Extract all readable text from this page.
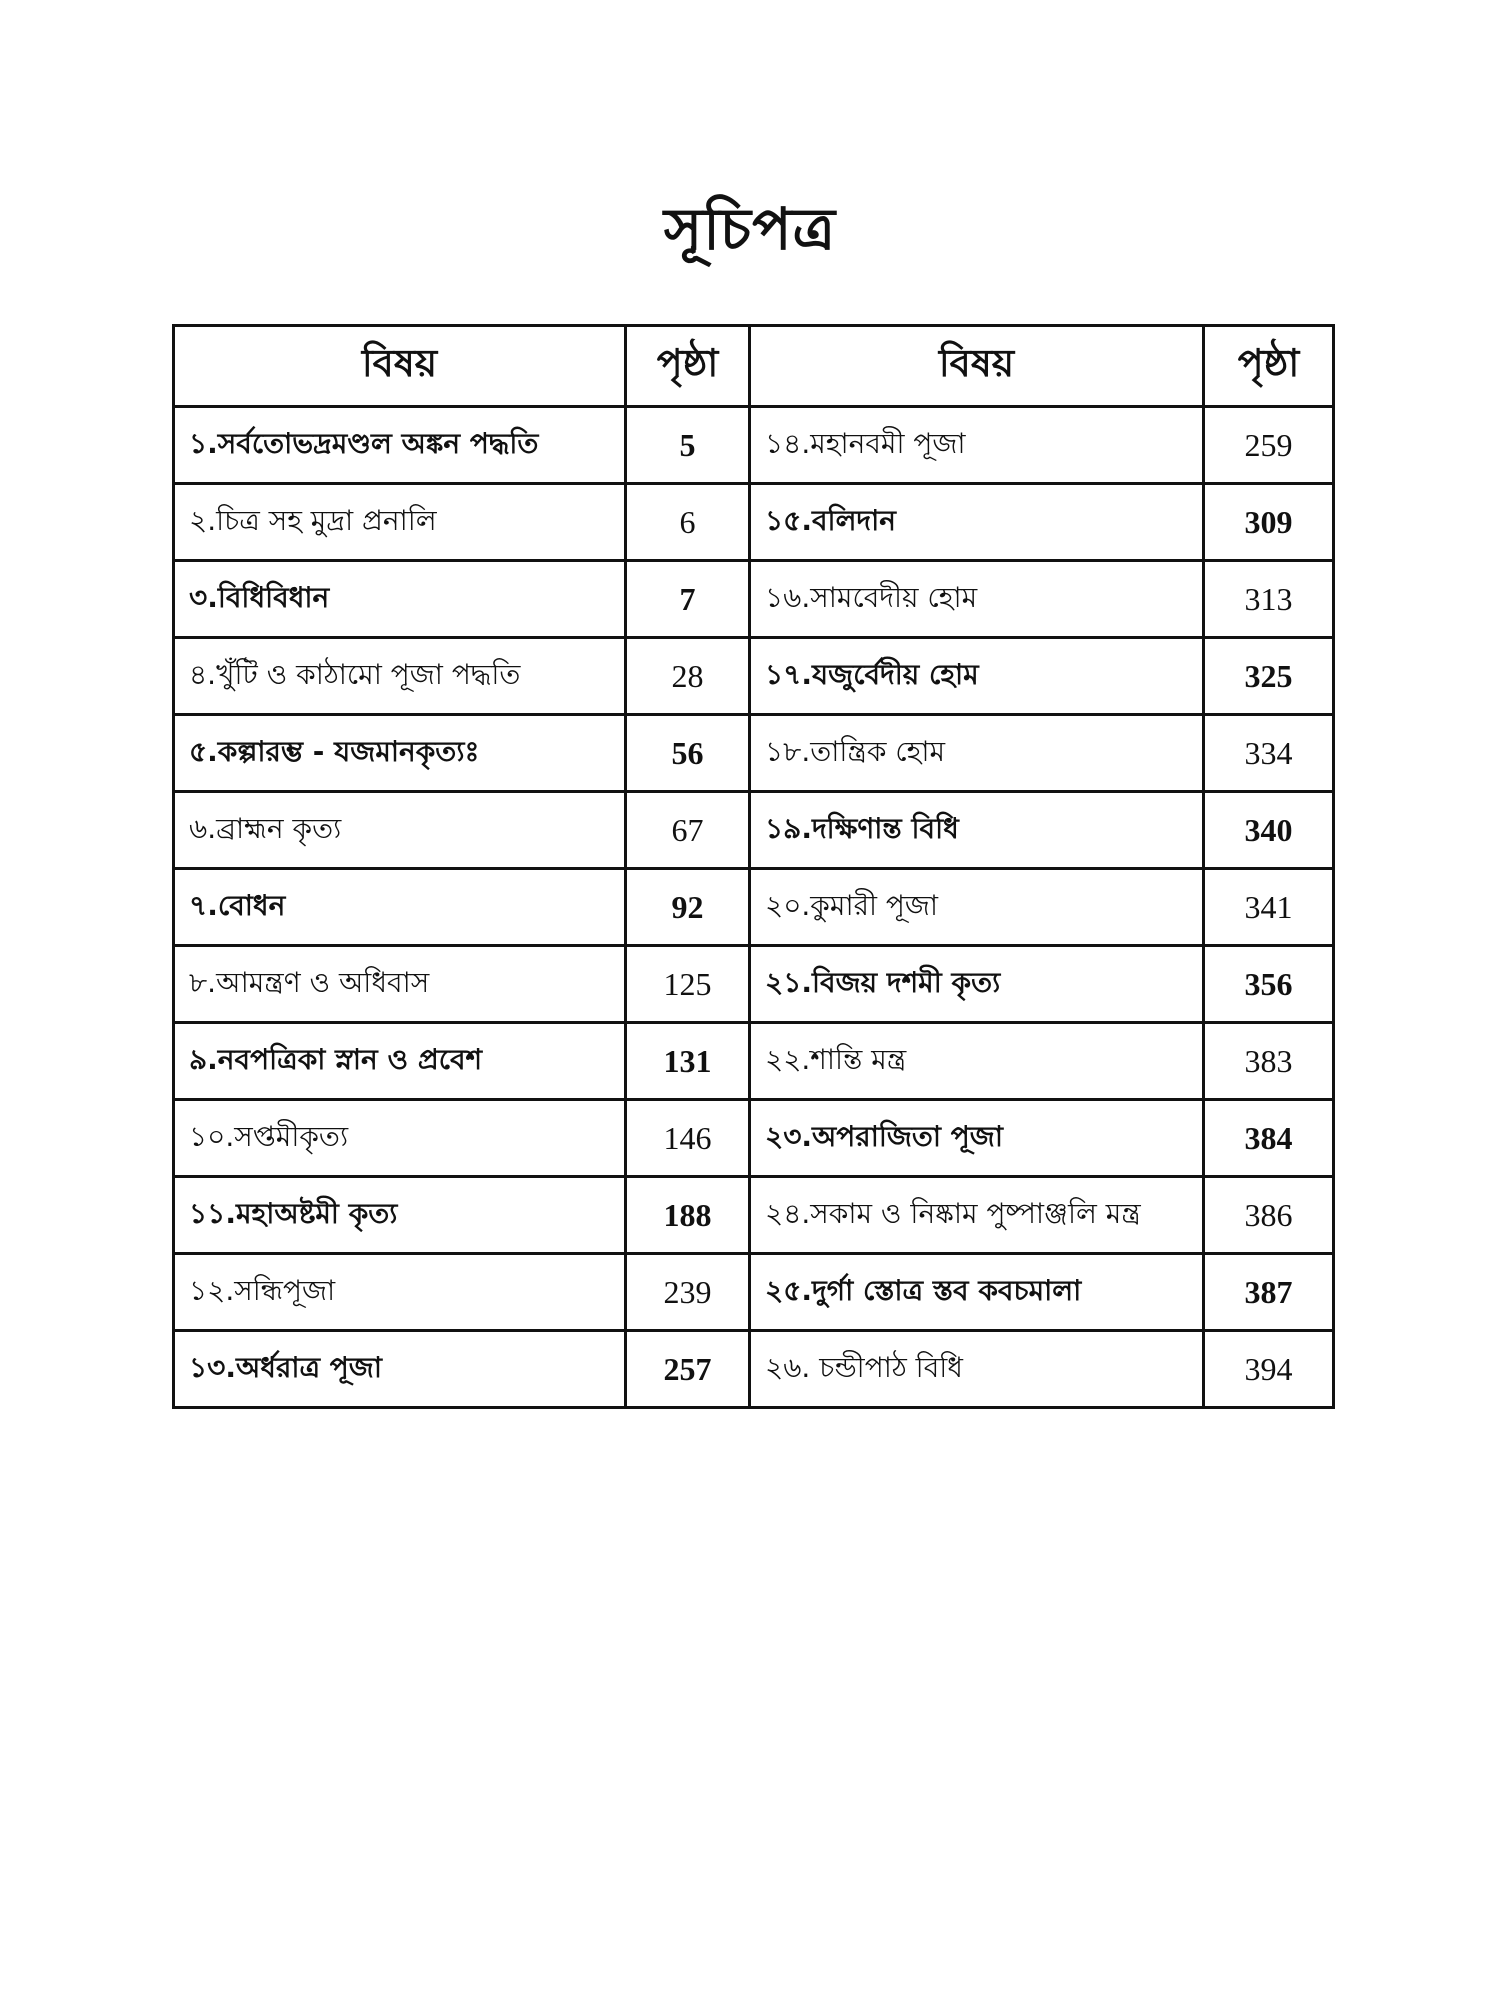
সূচিপত্র
বিষয়	পৃষ্ঠা	বিষয়	পৃষ্ঠা
১.সর্বতোভদ্রমণ্ডল অঙ্কন পদ্ধতি	5	১৪.মহানবমী পূজা	259
২.চিত্র সহ মুদ্রা প্রনালি	6	১৫.বলিদান	309
৩.বিধিবিধান	7	১৬.সামবেদীয় হোম	313
৪.খুঁটি ও কাঠামো পূজা পদ্ধতি	28	১৭.যজুর্বেদীয় হোম	325
৫.কল্পারম্ভ - যজমানকৃত্যঃ	56	১৮.তান্ত্রিক হোম	334
৬.ব্রাহ্মন কৃত্য	67	১৯.দক্ষিণান্ত বিধি	340
৭.বোধন	92	২০.কুমারী পূজা	341
৮.আমন্ত্রণ ও অধিবাস	125	২১.বিজয় দশমী কৃত্য	356
৯.নবপত্রিকা স্নান ও প্রবেশ	131	২২.শান্তি মন্ত্র	383
১০.সপ্তমীকৃত্য	146	২৩.অপরাজিতা পূজা	384
১১.মহাঅষ্টমী কৃত্য	188	২৪.সকাম ও নিষ্কাম পুষ্পাঞ্জলি মন্ত্র	386
১২.সন্ধিপূজা	239	২৫.দুর্গা স্তোত্র স্তব কবচমালা	387
১৩.অর্ধরাত্র পূজা	257	২৬. চন্ডীপাঠ বিধি	394
